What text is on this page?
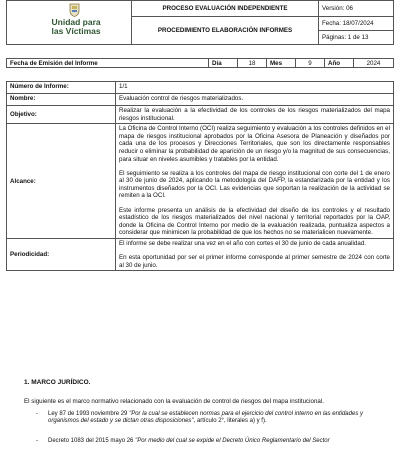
Unidad para
las Víctimas	PROCESO EVALUACIÓN INDEPENDIENTE	Versión: 06
	PROCEDIMIENTO ELABORACIÓN INFORMES	Fecha: 18/07/2024
		Páginas: 1 de 13
Fecha de Emisión del Informe	Día	18	Mes	9	Año	2024
Número de Informe:	1/1
Nombre:	Evaluación control de riesgos materializados.
Objetivo:	Realizar la evaluación a la efectividad de los controles de los riesgos materializados del mapa riesgos institucional.
Alcance:	La Oficina de Control Interno (OCI) realiza seguimiento y evaluación a los controles definidos en el mapa de riesgos institucional aprobados por la Oficina Asesora de Planeación y diseñados por cada una de los procesos y Direcciones Territoriales, que son los directamente responsables reducir o eliminar la probabilidad de aparición de un riesgo y/o la magnitud de sus consecuencias, para situar en niveles asumibles y tratables por la entidad.

El seguimiento se realiza a los controles del mapa de riesgo institucional con corte del 1 de enero al 30 de junio de 2024, aplicando la metodología del DAFP, la estandarizada por la entidad y los instrumentos diseñados por la OCI. Las evidencias que soportan la realización de la actividad se remiten a la OCI.

Este informe presenta un análisis de la efectividad del diseño de los controles y el resultado estadístico de los riesgos materializados del nivel nacional y territorial reportados por la OAP, donde la Oficina de Control Interno por medio de la evaluación realizada, puntualiza aspectos a considerar que minimicen la probabilidad de que los hechos no se materialicen nuevamente.

Periodicidad:	El informe se debe realizar una vez en el año con cortes el 30 de junio de cada anualidad.

En esta oportunidad por ser el primer informe corresponde al primer semestre de 2024 con corte al 30 de junio.

1. MARCO JURÍDICO.
El siguiente es el marco normativo relacionado con la evaluación de control de riesgos del mapa institucional.
- Ley 87 de 1993 noviembre 29 "Por la cual se establecen normas para el ejercicio del control interno en las entidades y organismos del estado y se dictan otras disposiciones", artículo 2°, literales a) y f).
- Decreto 1083 del 2015 mayo 26 "Por medio del cual se expide el Decreto Único Reglamentario del Sector
